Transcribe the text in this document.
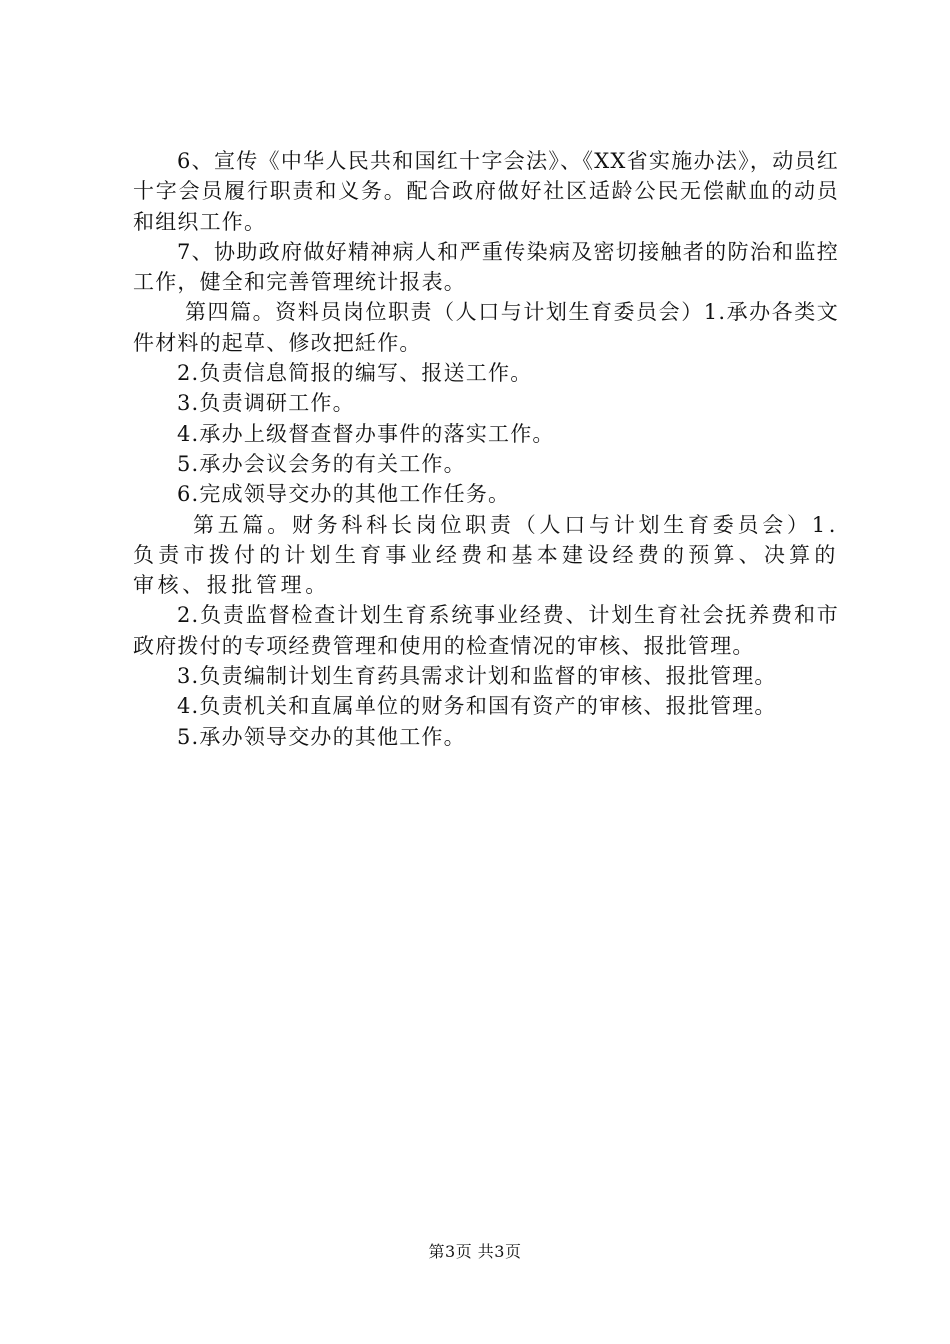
6、宣传《中华人民共和国红十字会法》、《XX省实施办法》，动员红十字会员履行职责和义务。配合政府做好社区适龄公民无偿献血的动员和组织工作。

7、协助政府做好精神病人和严重传染病及密切接触者的防治和监控工作，健全和完善管理统计报表。

第四篇。资料员岗位职责（人口与计划生育委员会）1.承办各类文件材料的起草、修改把紝作。

2.负责信息简报的编写、报送工作。

3.负责调研工作。

4.承办上级督查督办事件的落实工作。

5.承办会议会务的有关工作。

6.完成领导交办的其他工作任务。

第五篇。财务科科长岗位职责（人口与计划生育委员会）1.负责市拨付的计划生育事业经费和基本建设经费的预算、决算的审核、报批管理。

2.负责监督检查计划生育系统事业经费、计划生育社会抚养费和市政府拨付的专项经费管理和使用的检查情况的审核、报批管理。

3.负责编制计划生育药具需求计划和监督的审核、报批管理。

4.负责机关和直属单位的财务和国有资产的审核、报批管理。

5.承办领导交办的其他工作。

第3页 共3页
